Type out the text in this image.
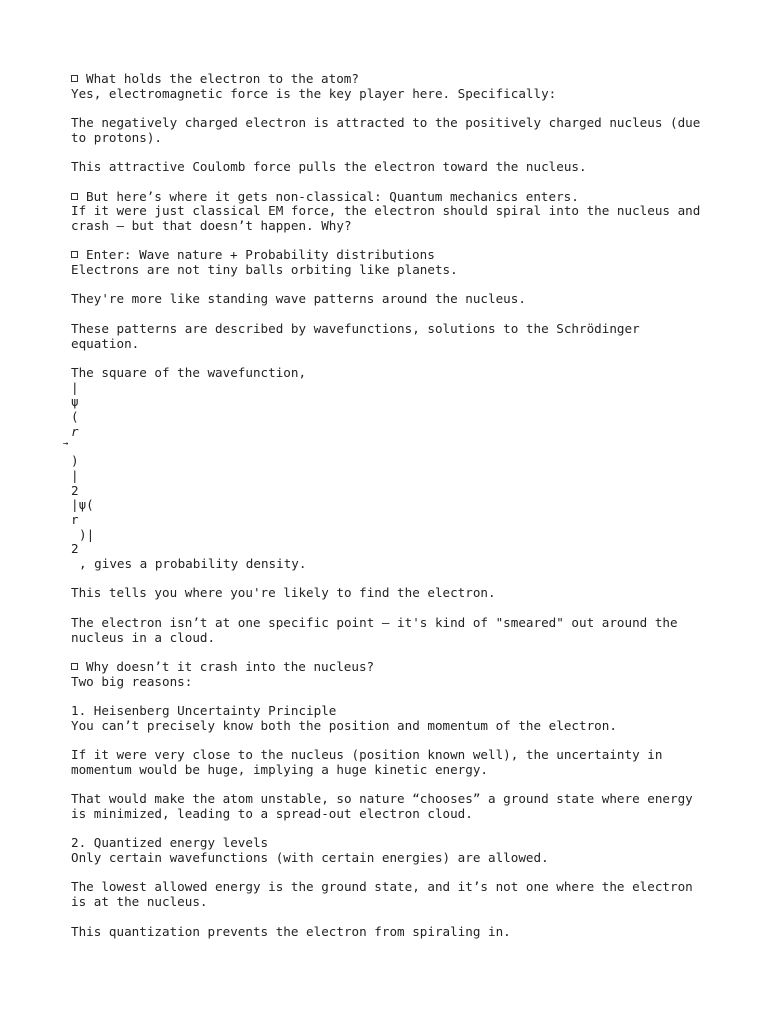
What holds the electron to the atom?
Yes, electromagnetic force is the key player here. Specifically:
The negatively charged electron is attracted to the positively charged nucleus (due to protons).
This attractive Coulomb force pulls the electron toward the nucleus.
But here’s where it gets non-classical: Quantum mechanics enters.
If it were just classical EM force, the electron should spiral into the nucleus and crash — but that doesn’t happen. Why?
Enter: Wave nature + Probability distributions
Electrons are not tiny balls orbiting like planets.
They're more like standing wave patterns around the nucleus.
These patterns are described by wavefunctions, solutions to the Schrödinger equation.
The square of the wavefunction,
|
ψ
(
r
→
)
|
2
|ψ(
r
)|
2
, gives a probability density.
This tells you where you're likely to find the electron.
The electron isn’t at one specific point — it's kind of "smeared" out around the nucleus in a cloud.
Why doesn’t it crash into the nucleus?
Two big reasons:
1. Heisenberg Uncertainty Principle
You can’t precisely know both the position and momentum of the electron.
If it were very close to the nucleus (position known well), the uncertainty in momentum would be huge, implying a huge kinetic energy.
That would make the atom unstable, so nature “chooses” a ground state where energy is minimized, leading to a spread-out electron cloud.
2. Quantized energy levels
Only certain wavefunctions (with certain energies) are allowed.
The lowest allowed energy is the ground state, and it’s not one where the electron is at the nucleus.
This quantization prevents the electron from spiraling in.
